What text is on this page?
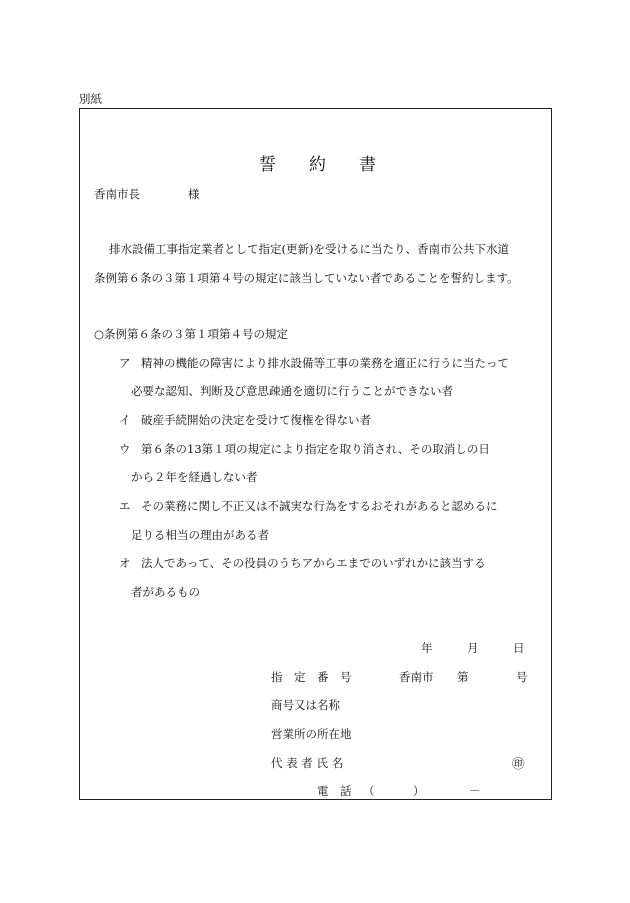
別紙
誓 約 書
香南市長	様
排水設備工事指定業者として指定(更新)を受けるに当たり、香南市公共下水道
条例第６条の３第１項第４号の規定に該当していない者であることを誓約します。
○条例第６条の３第１項第４号の規定
ア 精神の機能の障害により排水設備等工事の業務を適正に行うに当たって
必要な認知、判断及び意思疎通を適切に行うことができない者
イ 破産手続開始の決定を受けて復権を得ない者
ウ 第６条の13第１項の規定により指定を取り消され、その取消しの日
から２年を経過しない者
エ その業務に関し不正又は不誠実な行為をするおそれがあると認めるに
足りる相当の理由がある者
オ 法人であって、その役員のうちアからエまでのいずれかに該当する
者があるもの
年	月	日
指　定　番　号	香南市 第	号
商号又は名称
営業所の所在地
代 表 者 氏 名	㊞
電　話 （	）	－
